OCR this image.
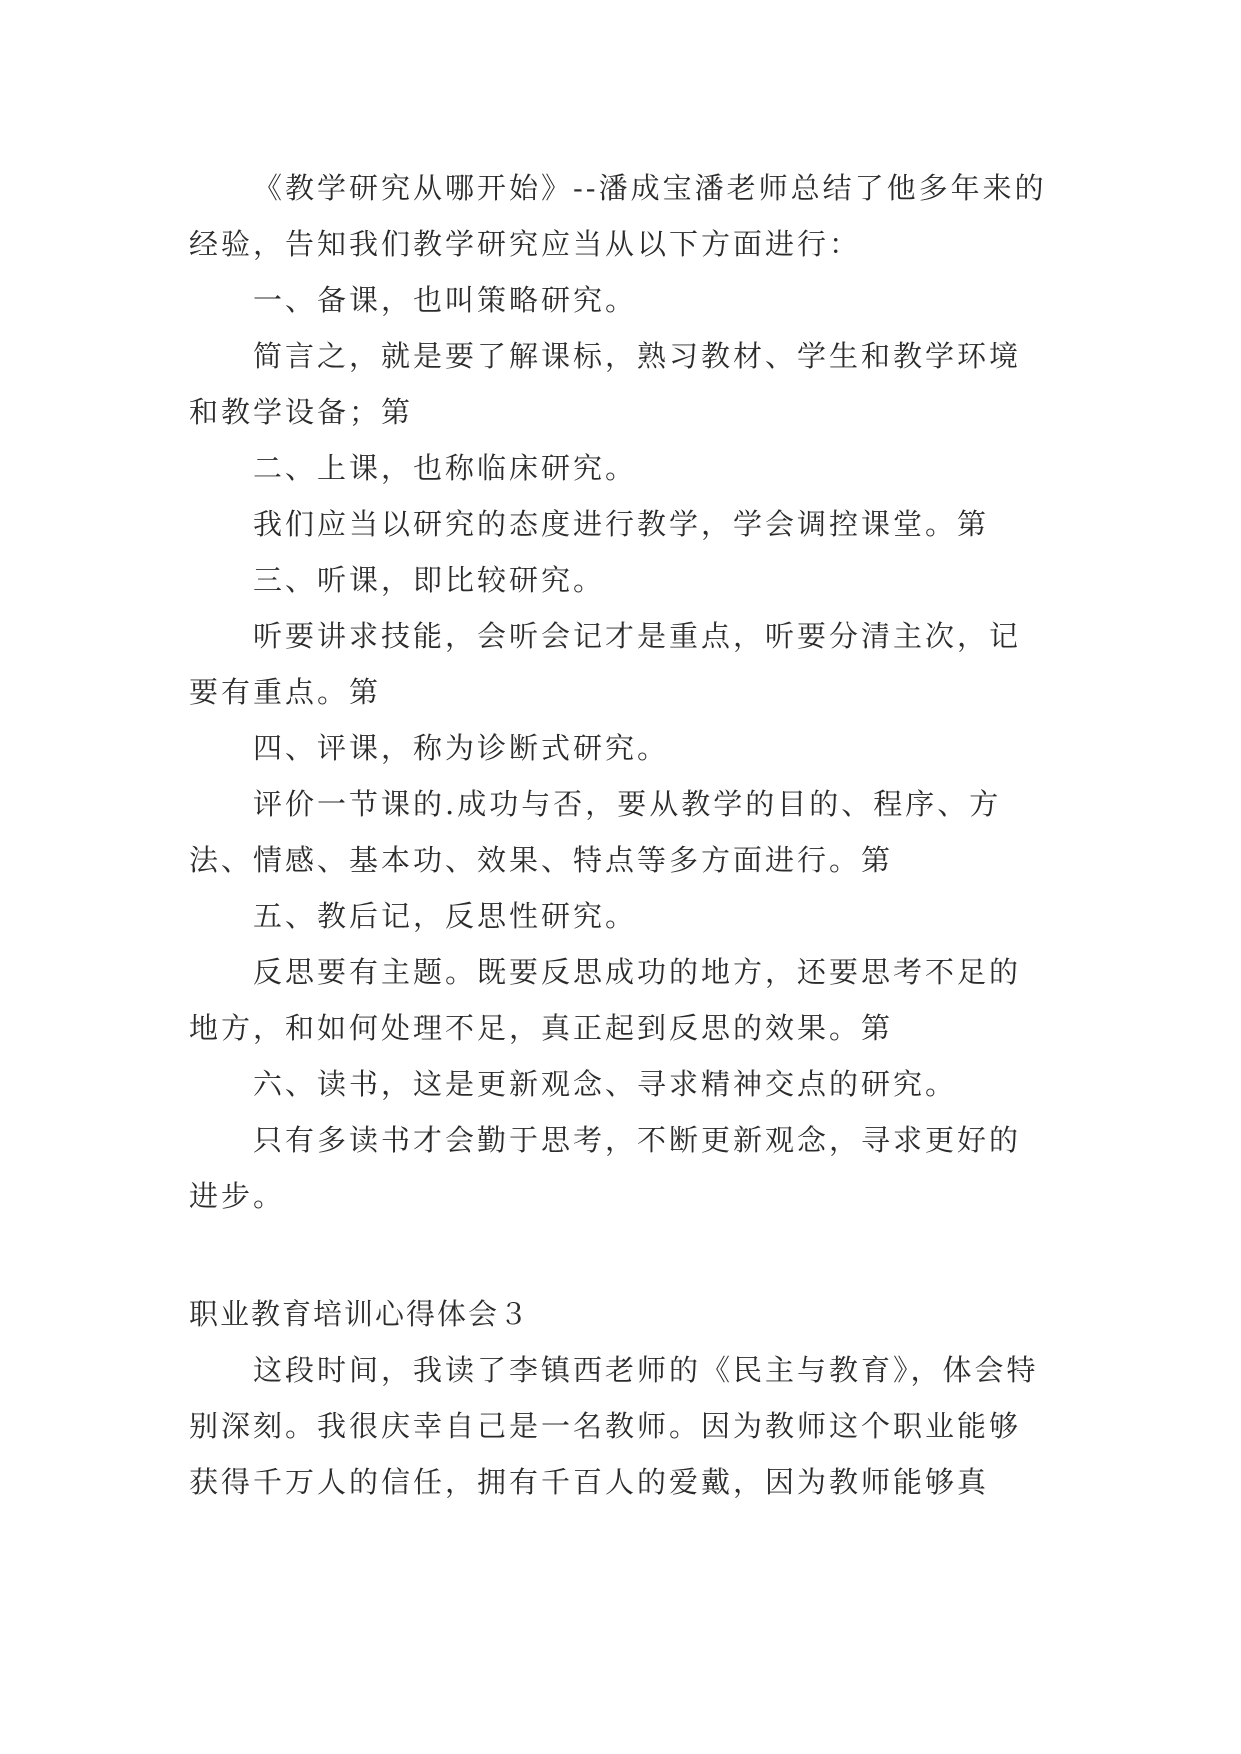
《教学研究从哪开始》--潘成宝潘老师总结了他多年来的经验，告知我们教学研究应当从以下方面进行：

一、备课，也叫策略研究。

简言之，就是要了解课标，熟习教材、学生和教学环境和教学设备；第

二、上课，也称临床研究。

我们应当以研究的态度进行教学，学会调控课堂。第

三、听课，即比较研究。

听要讲求技能，会听会记才是重点，听要分清主次，记要有重点。第

四、评课，称为诊断式研究。

评价一节课的.成功与否，要从教学的目的、程序、方法、情感、基本功、效果、特点等多方面进行。第

五、教后记，反思性研究。

反思要有主题。既要反思成功的地方，还要思考不足的地方，和如何处理不足，真正起到反思的效果。第

六、读书，这是更新观念、寻求精神交点的研究。

只有多读书才会勤于思考，不断更新观念，寻求更好的进步。

职业教育培训心得体会３

这段时间，我读了李镇西老师的《民主与教育》，体会特别深刻。我很庆幸自己是一名教师。因为教师这个职业能够获得千万人的信任，拥有千百人的爱戴，因为教师能够真
